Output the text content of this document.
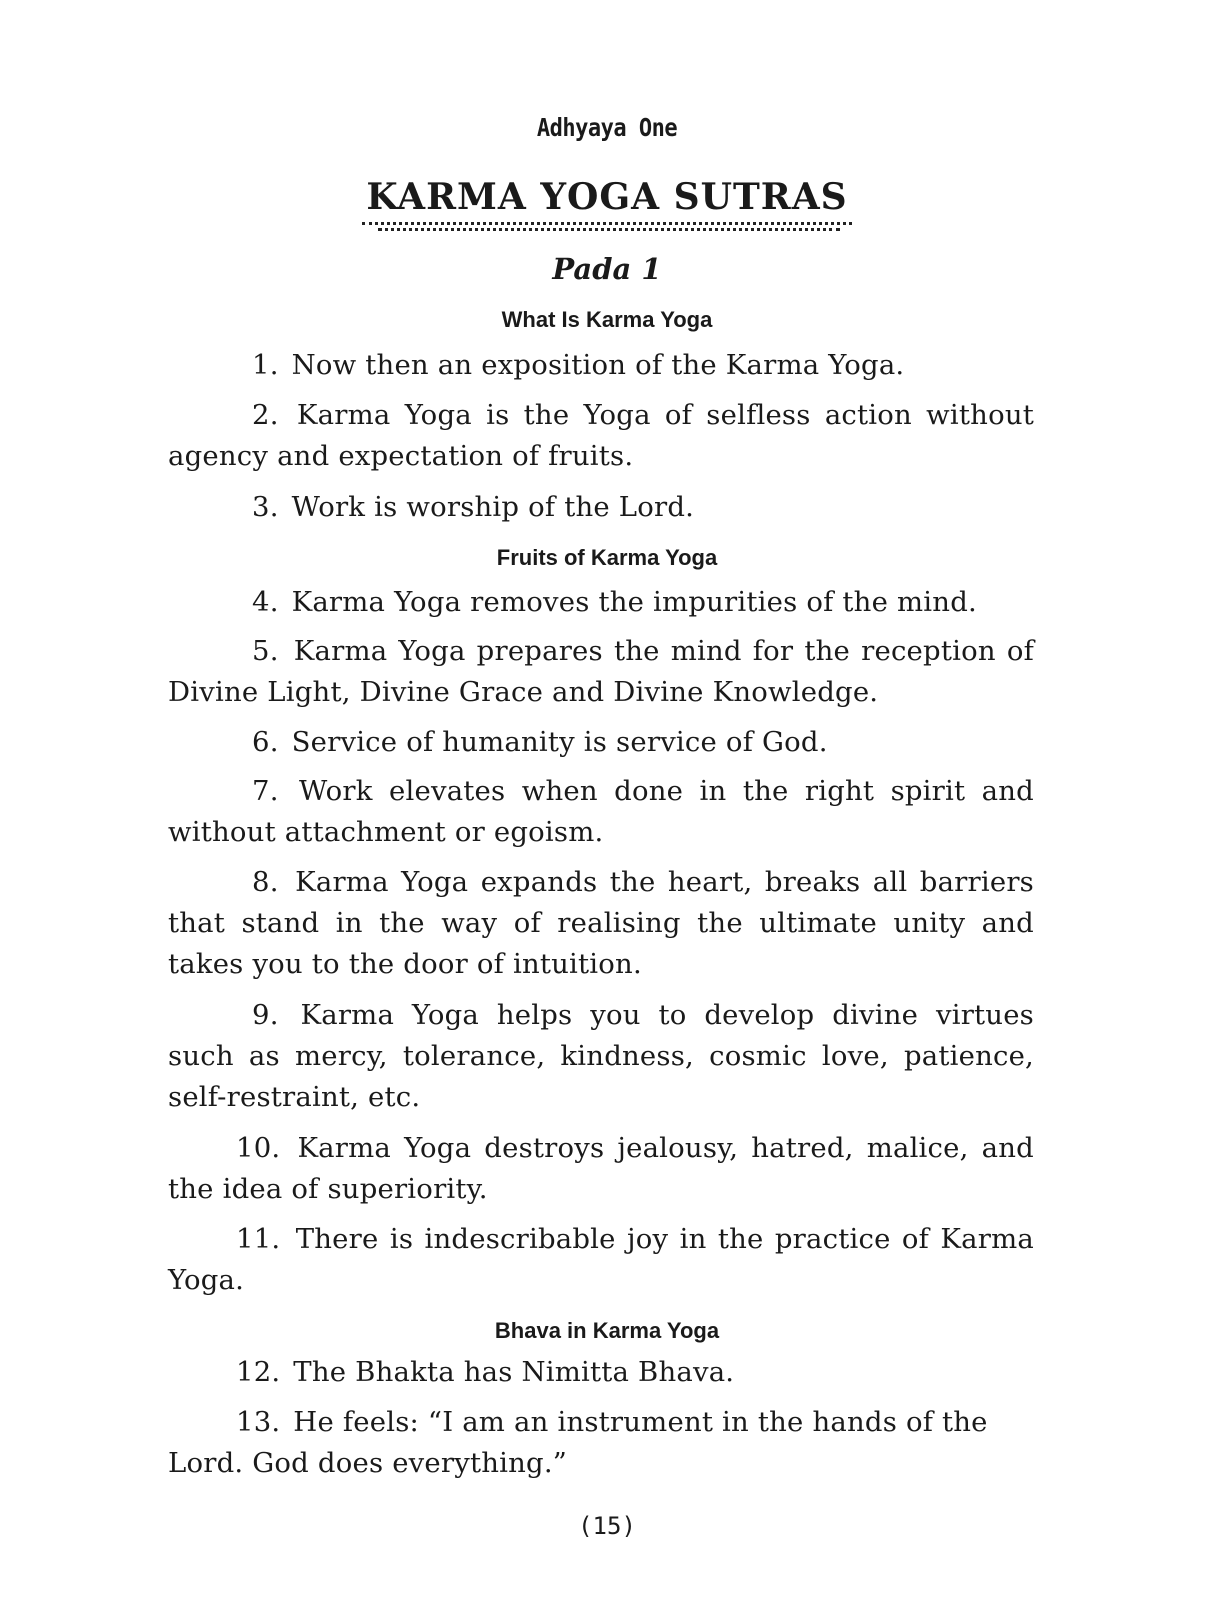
Adhyaya One
KARMA YOGA SUTRAS
Pada 1
What Is Karma Yoga
1. Now then an exposition of the Karma Yoga.
2. Karma Yoga is the Yoga of selfless action without agency and expectation of fruits.
3. Work is worship of the Lord.
Fruits of Karma Yoga
4. Karma Yoga removes the impurities of the mind.
5. Karma Yoga prepares the mind for the reception of Divine Light, Divine Grace and Divine Knowledge.
6. Service of humanity is service of God.
7. Work elevates when done in the right spirit and without attachment or egoism.
8. Karma Yoga expands the heart, breaks all barriers that stand in the way of realising the ultimate unity and takes you to the door of intuition.
9. Karma Yoga helps you to develop divine virtues such as mercy, tolerance, kindness, cosmic love, patience, self-restraint, etc.
10. Karma Yoga destroys jealousy, hatred, malice, and the idea of superiority.
11. There is indescribable joy in the practice of Karma Yoga.
Bhava in Karma Yoga
12. The Bhakta has Nimitta Bhava.
13. He feels: “I am an instrument in the hands of the Lord. God does everything.”
(15)
